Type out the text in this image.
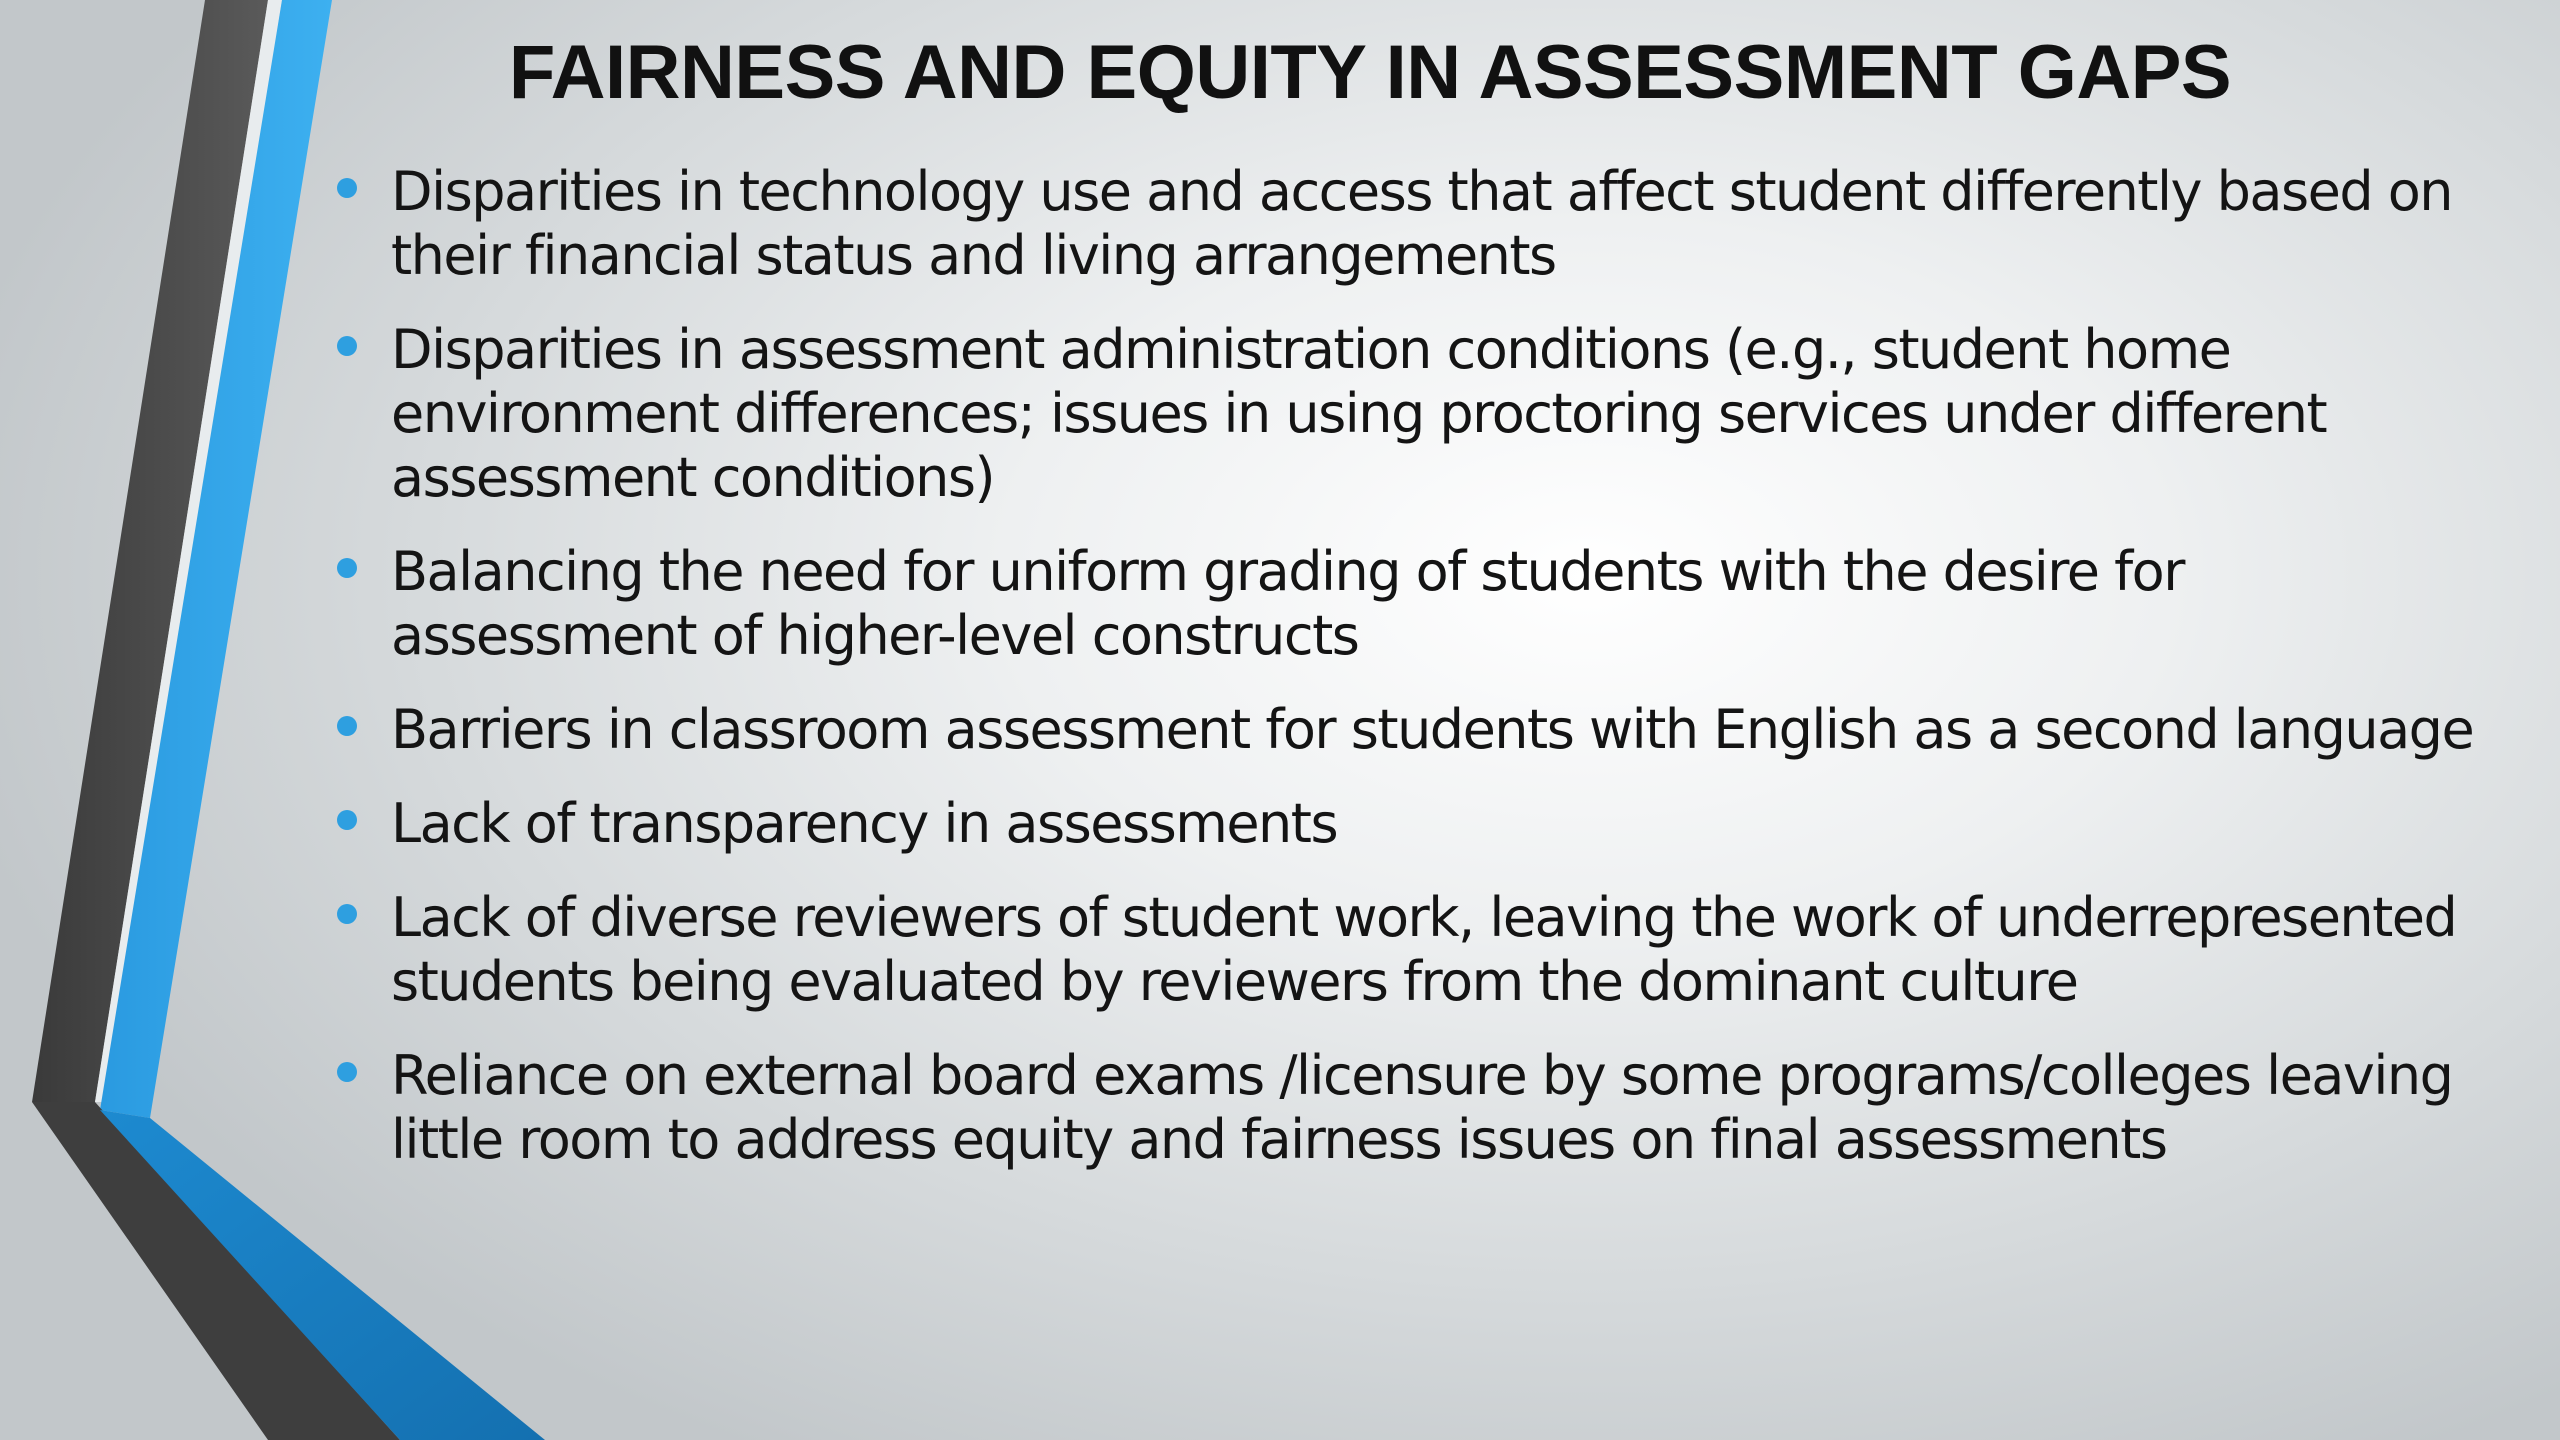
FAIRNESS AND EQUITY IN ASSESSMENT GAPS
Disparities in technology use and access that affect student differently based on their financial status and living arrangements
Disparities in assessment administration conditions (e.g., student home environment differences; issues in using proctoring services under different assessment conditions)
Balancing the need for uniform grading of students with the desire for assessment of higher-level constructs
Barriers in classroom assessment for students with English as a second language
Lack of transparency in assessments
Lack of diverse reviewers of student work, leaving the work of underrepresented students being evaluated by reviewers from the dominant culture
Reliance on external board exams /licensure by some programs/colleges leaving little room to address equity and fairness issues on final assessments
